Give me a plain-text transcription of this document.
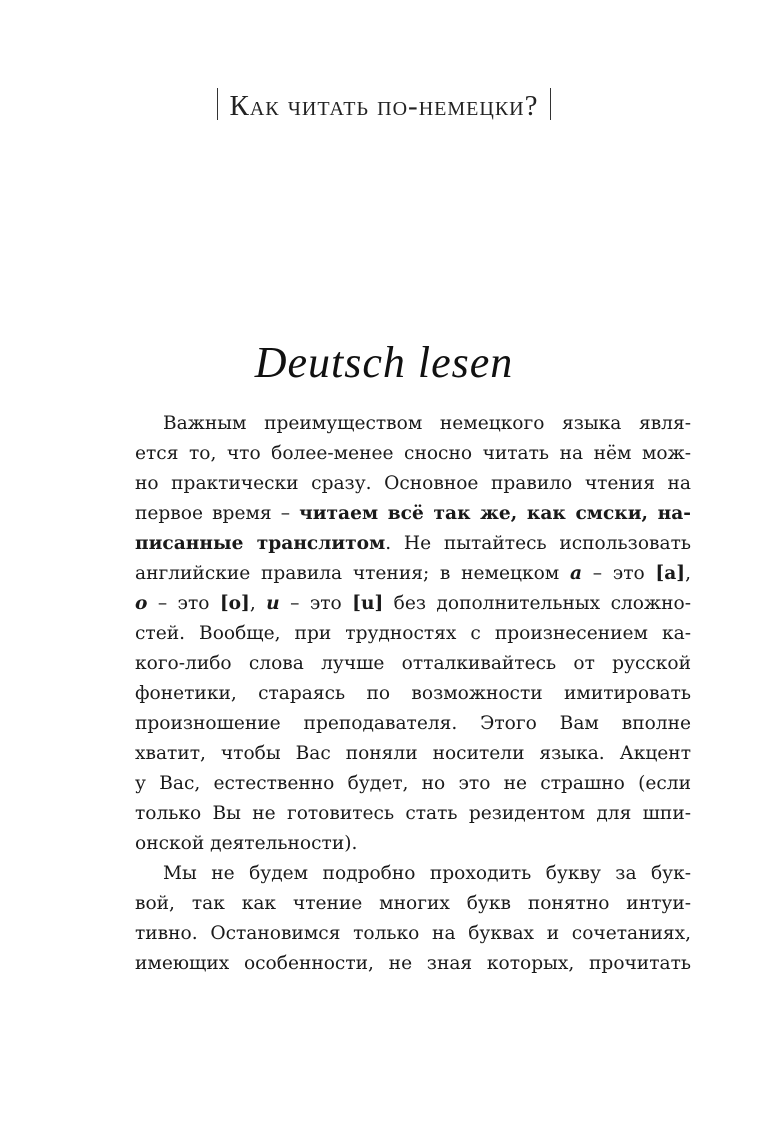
Как читать по-немецки?
Deutsch lesen
Важным преимуществом немецкого языка явля-
ется то, что более-менее сносно читать на нём мож-
но практически сразу. Основное правило чтения на
первое время – читаем всё так же, как смски, на-
писанные транслитом. Не пытайтесь использовать
английские правила чтения; в немецком a – это [a],
o – это [o], u – это [u] без дополнительных сложно-
стей. Вообще, при трудностях с произнесением ка-
кого-либо слова лучше отталкивайтесь от русской
фонетики, стараясь по возможности имитировать
произношение преподавателя. Этого Вам вполне
хватит, чтобы Вас поняли носители языка. Акцент
у Вас, естественно будет, но это не страшно (если
только Вы не готовитесь стать резидентом для шпи-
онской деятельности).
Мы не будем подробно проходить букву за бук-
вой, так как чтение многих букв понятно интуи-
тивно. Остановимся только на буквах и сочетаниях,
имеющих особенности, не зная которых, прочитать
